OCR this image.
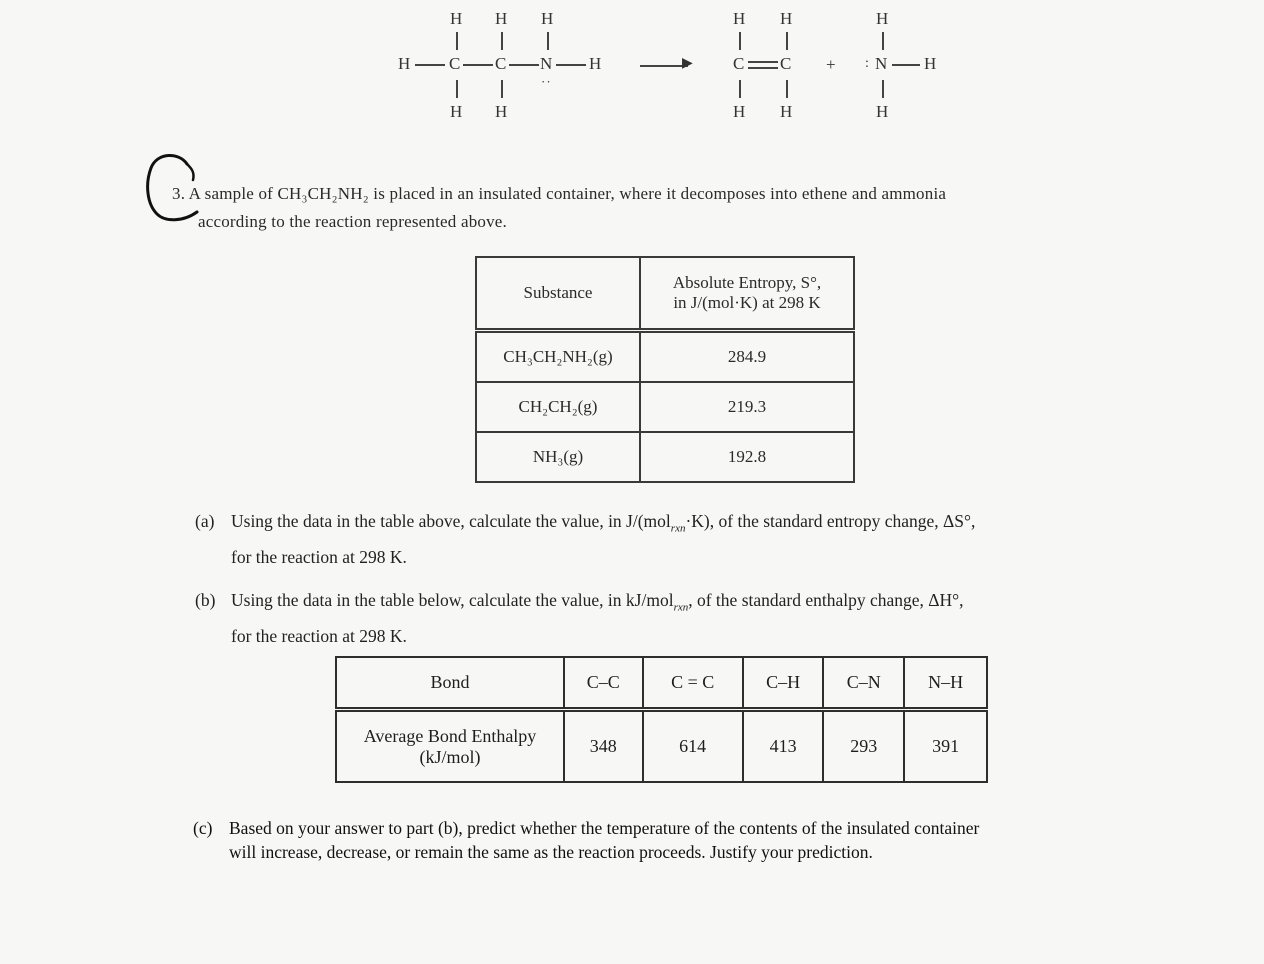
H H H
H C C N H
··
H H
▶
H H
C C
H H
+
H
: N H
H
3. A sample of CH₃CH₂NH₂ is placed in an insulated container, where it decomposes into ethene and ammonia
according to the reaction represented above.
Substance	Absolute Entropy, S°,
in J/(mol·K) at 298 K

CH₃CH₂NH₂(g)	284.9
CH₂CH₂(g)	219.3
NH₃(g)	192.8
(a) Using the data in the table above, calculate the value, in J/(mol$_{rxn}$·K), of the standard entropy change, ΔS°,
for the reaction at 298 K.
(b) Using the data in the table below, calculate the value, in kJ/mol$_{rxn}$, of the standard enthalpy change, ΔH°,
for the reaction at 298 K.
Bond	C–C	C = C	C–H	C–N	N–H

Average Bond Enthalpy
(kJ/mol)	348	614	413	293	391
(c) Based on your answer to part (b), predict whether the temperature of the contents of the insulated container
will increase, decrease, or remain the same as the reaction proceeds. Justify your prediction.
